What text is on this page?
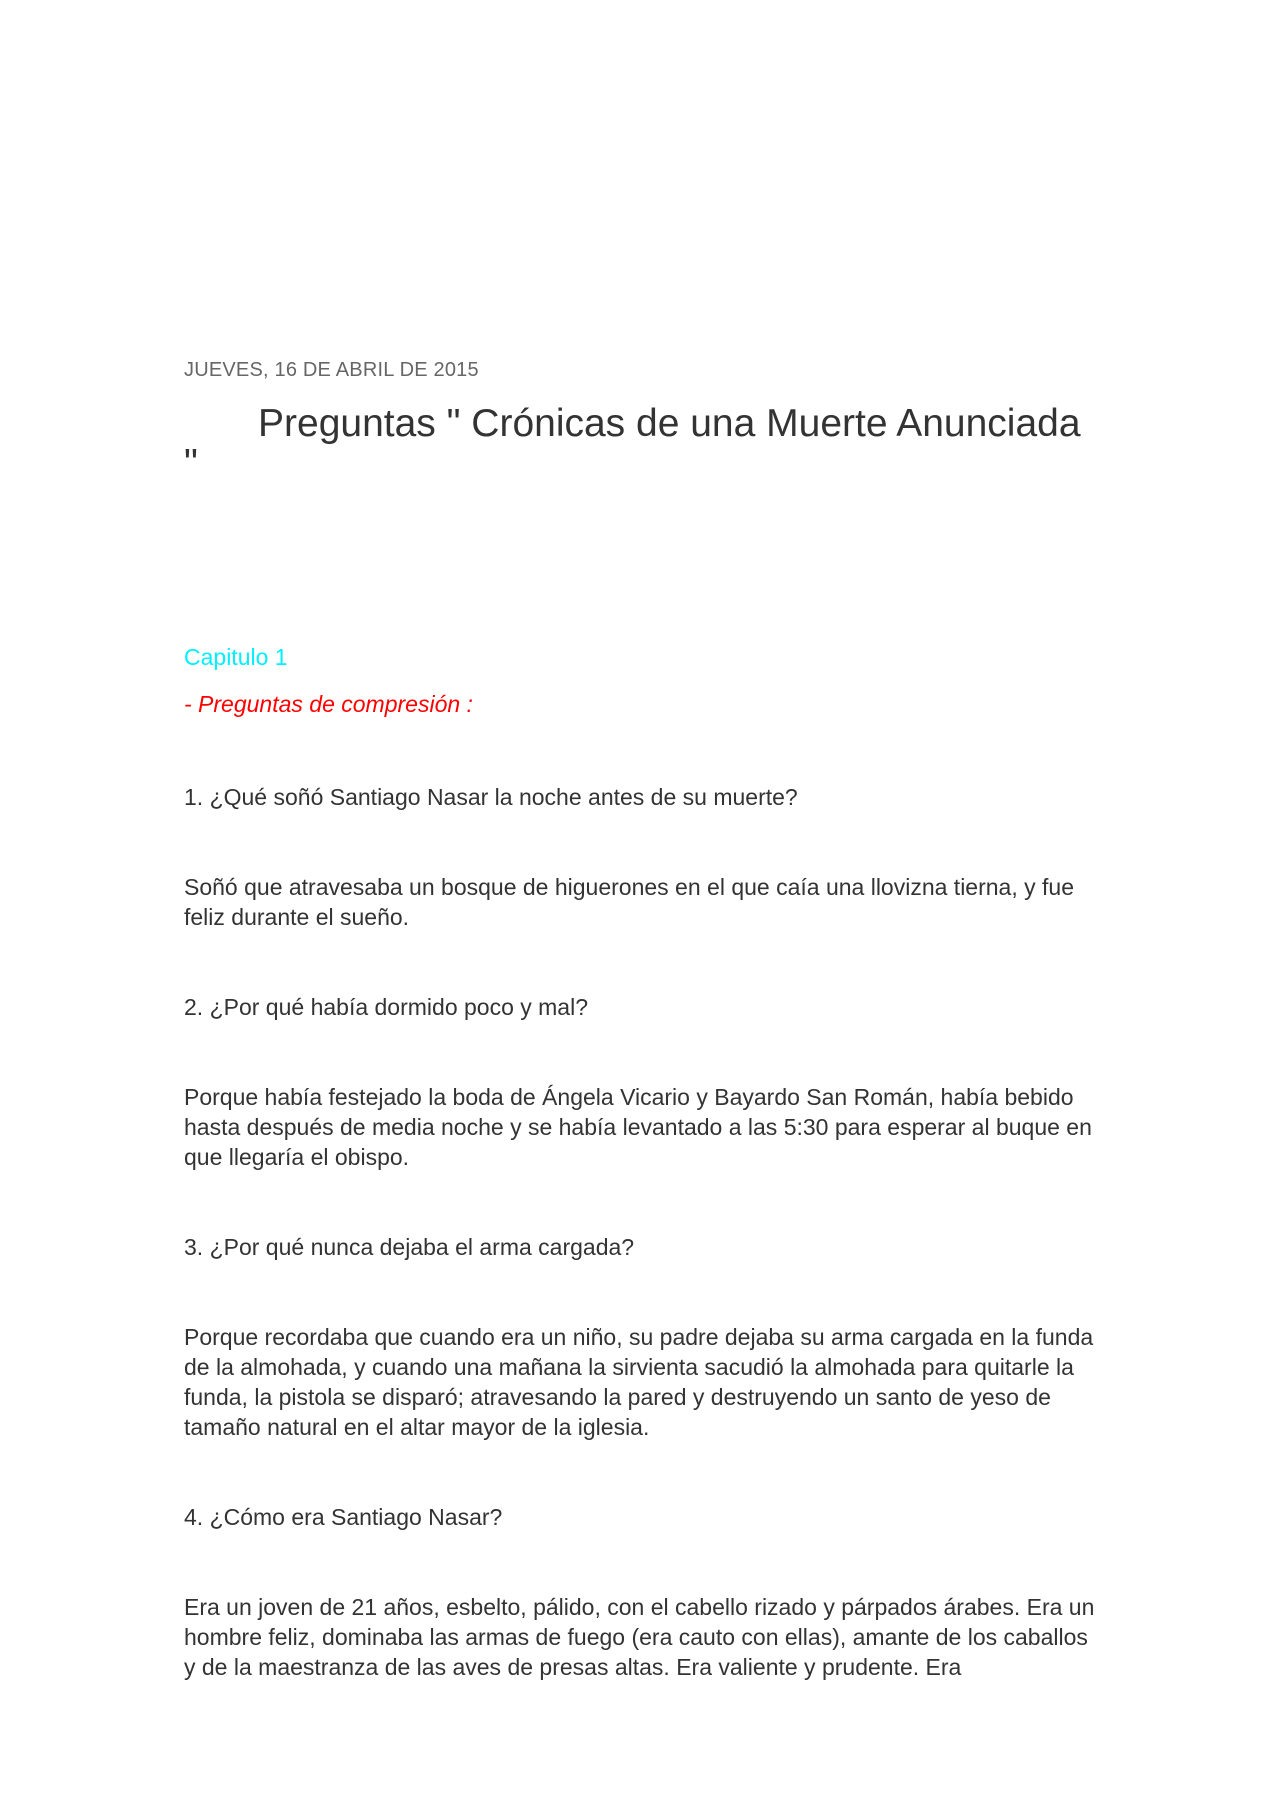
JUEVES, 16 DE ABRIL DE 2015

Preguntas " Crónicas de una Muerte Anunciada "

Capitulo 1

- Preguntas de compresión :

1. ¿Qué soñó Santiago Nasar la noche antes de su muerte?

Soñó que atravesaba un bosque de higuerones en el que caía una llovizna tierna, y fue feliz durante el sueño.

2. ¿Por qué había dormido poco y mal?

Porque había festejado la boda de Ángela Vicario y Bayardo San Román, había bebido hasta después de media noche y se había levantado a las 5:30 para esperar al buque en que llegaría el obispo.

3. ¿Por qué nunca dejaba el arma cargada?

Porque recordaba que cuando era un niño, su padre dejaba su arma cargada en la funda de la almohada, y cuando una mañana la sirvienta sacudió la almohada para quitarle la funda, la pistola se disparó; atravesando la pared y destruyendo un santo de yeso de tamaño natural en el altar mayor de la iglesia.

4. ¿Cómo era Santiago Nasar?

Era un joven de 21 años, esbelto, pálido, con el cabello rizado y párpados árabes. Era un hombre feliz, dominaba las armas de fuego (era cauto con ellas), amante de los caballos y de la maestranza de las aves de presas altas. Era valiente y prudente. Era
